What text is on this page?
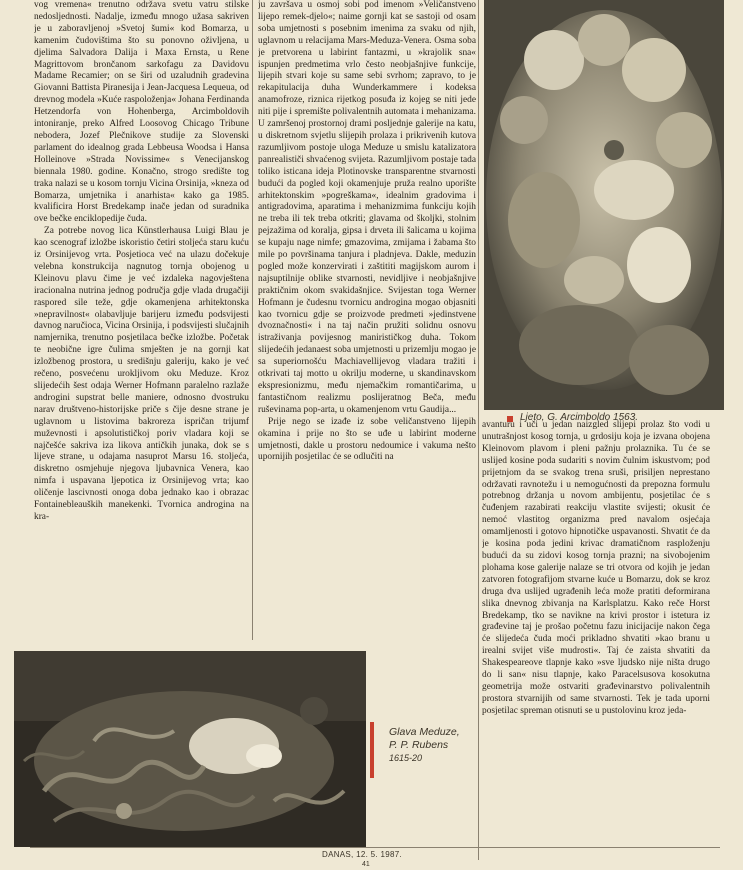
vog vremena« trenutno održava svetu vatru stilske nedosljednosti. Nadalje, između mnogo užasa sakriven je u zaboravljenoj »Svetoj šumi« kod Bomarza, u kamenim čudovištima što su ponovno oživljena, u djelima Salvadora Dalija i Maxa Ernsta, u Rene Magrittovom brončanom sarkofagu za Davidovu Madame Recamier; on se širi od uzaludnih gradevina Giovanni Battista Piranesija i Jean-Jacquesa Lequeua, od drevnog modela »Kuće raspoloženja« Johana Ferdinanda Hetzendorfa von Hohenberga, Arcimboldovih intoniranje, preko Alfred Loosovog Chicago Tribune nebodera, Jozef Plečnikove studije za Slovenski parlament do idealnog grada Lebbeusa Woodsa i Hansa Holleinove »Strada Novissime« s Venecijanskog biennala 1980. godine. Konačno, strogo središte tog traka nalazi se u kosom tornju Vicina Orsinija, »kneza od Bomarza, umjetnika i anarhista« kako ga 1985. kvalificira Horst Bredekamp inače jedan od suradnika ove bečke enciklopedije čuda.

Za potrebe novog lica Künstlerhausa Luigi Blau je kao scenograf izložbe iskoristio četiri stoljeća staru kuću iz Orsinijevog vrta. Posjetioca već na ulazu dočekuje velebna konstrukcija nagnutog tornja obojenog u Kleinovu plavu čime je već izdaleka nagovještena iracionalna nutrina jednog područja gdje vlada drugačiji raspored sile teže, gdje okamenjena arhitektonska »nepravilnost« olabavljuje barijeru između podsvijesti davnog naručioca, Vicina Orsinija, i podsvijesti slučajnih namjernika, trenutno posjetilaca bečke izložbe. Početak te neobične igre čulima smješten je na gornji kat izložbenog prostora, u središnju galeriju, kako je već rečeno, posvećenu uroklјivom oku Meduze. Kroz slijedećih šest odaja Werner Hofmann paralelno razlaže androgini supstrat belle maniere, odnosno dvostruku narav društveno-historijske priče s čije desne strane je uglavnom u listovima bakrorezа ispričan trijumf muževnosti i apsolutističkoj poriv vladara koji se najčešće sakriva iza likova antičkih junaka, dok se s lijeve strane, u odajama nasuprot Marsu 16. stoljeća, diskretno osmjehuje njegova ljubavnica Venera, kao nimfa i uspavana ljepotica iz Orsinijevog vrta; kao oličenje lascivnosti onoga doba jednako kao i obrazac Fontainebleauških manekenki. Tvornica androgina na kra-

ju završava u osmoj sobi pod imenom »Veličanstveno lijepo remek-djelo«; naime gornji kat se sastoji od osam soba umjetnosti s posebnim imenima za svaku od njih, uglavnom u relacijama Mars-Meduza-Venera. Osma soba je pretvorena u labirint fantazmi, u »krajolik sna« ispunjen predmetima vrlo često neobjašnjive funkcije, lijepih stvari koje su same sebi svrhom; zapravo, to je rekapitulacija duha Wunderkammere i kodeksa anamofroze, riznica rijetkog posuđa iz kojeg se niti jede niti pije i spremište polivalentnih automata i mehanizama. U zamršenoj prostornoj drami posljednje galerije na katu, u diskretnom svjetlu slijepih prolaza i prikrivenih kutova razumljivom postoje uloga Meduze u smislu katalizatora panrealističi shvaćenog svijeta. Razumljivom postaje tada toliko isticana ideja Plotinovske transparentne stvarnosti budući da pogled koji okamenjuje pruža realno uporište arhitektonskim »pogreškama«, idealnim gradovima i antigradovima, aparatima i mehanizmima funkciju kojih ne treba ili tek treba otkriti; glavama od školjki, stolnim pejzažima od koralja, gipsa i drveta ili šalicama u kojima se kupaju nage nimfe; gmazovima, zmijama i žabama što mile po površinama tanjura i pladnjeva. Dakle, meduzin pogled može konzervirati i zaštititi magijskom aurom i najsuptilnije oblike stvarnosti, nevidljive i neobjašnjive praktičnim okom svakidašnjice. Svijestan toga Werner Hofmann je čudesnu tvornicu androgina mogao objasniti kao tvornicu gdje se proizvode predmeti »jedinstvene dvoznačnosti« i na taj način pružiti solidnu osnovu istraživanja povijesnog manirističkog duha. Tokom slijedećih jedanaest soba umjetnosti u prizemlju mogao je sa superiornošću Machiavellijevog vladara tražiti i otkrivati taj motto u okrilju moderne, u skandinavskom ekspresionizmu, među njemačkim romantičarima, u fantastičnom realizmu poslijeratnog Beča, među ruševinama pop-arta, u okamenjenom vrtu Gaudija...

Prije nego se izađe iz sobe veličanstveno lijepih okamina i prije no što se uđe u labirint moderne umjetnosti, dakle u prostoru nedoumice i vakuma nešto upornijih posjetilac će se odlučiti na

Ljeto, G. Arcimboldo 1563.

avanturu i uči u jedan naizgled slijepi prolaz što vodi u unutrašnjost kosog tornja, u grdosiju koja je izvana obojena Kleinovom plavom i pleni pažnju prolaznika. Tu će se uslijed kosine poda sudariti s novim čulnim iskustvom; pod prijetnjom da se svakog trena sruši, prisiljen neprestano održavati ravnotežu i u nemogućnosti da prepozna formulu potrebnog držanja u novom ambijentu, posjetilac će s čuđenjem razabirati reakciju vlastite svijesti; okusit će nemoć vlastitog organizma pred navalom osjećaja omamljenosti i gotovo hipnotičke uspavanosti. Shvatit će da je kosina poda jedini krivac dramatičnom rasploženju budući da su zidovi kosog tornja prazni; na sivobojenim plohama kose galerije nalaze se tri otvora od kojih je jedan zatvoren fotografijom stvarne kuće u Bomarzu, dok se kroz druga dva uslijed ugrađenih leća može pratiti deformirana slika dnevnog zbivanja na Karlsplatzu. Kako reče Horst Bredekamp, tko se navikne na krivi prostor i istetura iz građevine taj je prošao početnu fazu inicijacije nakon čega će slijedeća čuda moći prikladno shvatiti »kao branu u irealni svijet više mudrosti«. Taj će zaista shvatiti da Shakespeareove tlapnje kako »sve ljudsko nije ništa drugo do li san« nisu tlapnje, kako Paracelsusova kosokutna geometrija može ostvariti građevinarstvo polivalentnih prostora stvarnijih od same stvarnosti. Tek je tada uporni posjetilac spreman otisnuti se u pustolovinu kroz jeda-

Glava Meduze,
P. P. Rubens
1615-20
DANAS, 12. 5. 1987.
41
